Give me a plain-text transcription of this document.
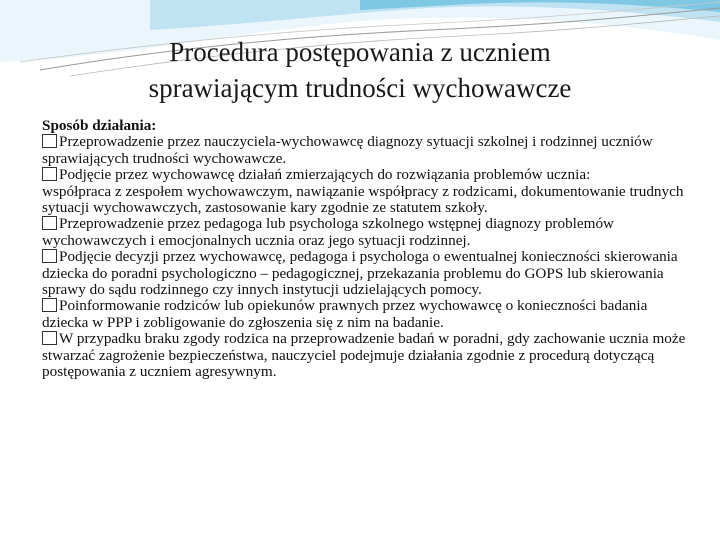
Procedura postępowania z uczniem
sprawiającym trudności wychowawcze

Sposób działania:

Przeprowadzenie przez nauczyciela-wychowawcę diagnozy sytuacji szkolnej i rodzinnej uczniów sprawiających trudności wychowawcze.

Podjęcie przez wychowawcę działań zmierzających do rozwiązania problemów ucznia:

współpraca z zespołem wychowawczym, nawiązanie współpracy z rodzicami, dokumentowanie trudnych sytuacji wychowawczych, zastosowanie kary zgodnie ze statutem szkoły.

Przeprowadzenie przez pedagoga lub psychologa szkolnego wstępnej diagnozy problemów wychowawczych i emocjonalnych ucznia oraz jego sytuacji rodzinnej.

Podjęcie decyzji przez wychowawcę, pedagoga i psychologa o ewentualnej konieczności skierowania dziecka do poradni psychologiczno – pedagogicznej, przekazania problemu do GOPS lub skierowania sprawy do sądu rodzinnego czy innych instytucji udzielających pomocy.

Poinformowanie rodziców lub opiekunów prawnych przez wychowawcę o konieczności badania dziecka w PPP i zobligowanie do zgłoszenia się z nim na badanie.

W przypadku braku zgody rodzica na przeprowadzenie badań w poradni, gdy zachowanie ucznia może stwarzać zagrożenie bezpieczeństwa, nauczyciel podejmuje działania zgodnie z procedurą dotyczącą postępowania z uczniem agresywnym.
